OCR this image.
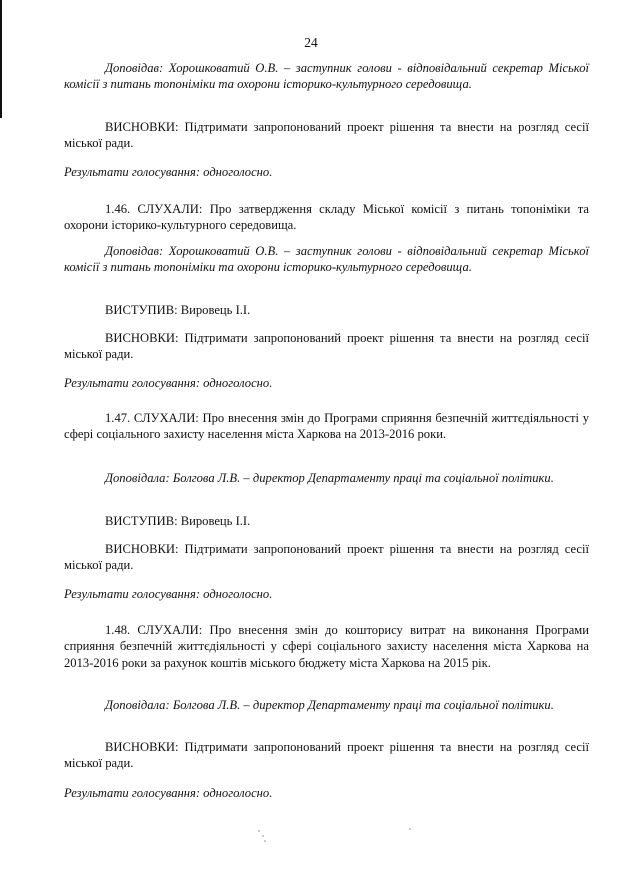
24

Доповідав: Хорошковатий О.В. – заступник голови - відповідальний секретар Міської комісії з питань топоніміки та охорони історико-культурного середовища.

ВИСНОВКИ: Підтримати запропонований проект рішення та внести на розгляд сесії міської ради.

Результати голосування: одноголосно.

1.46. СЛУХАЛИ: Про затвердження складу Міської комісії з питань топоніміки та охорони історико-культурного середовища.

Доповідав: Хорошковатий О.В. – заступник голови - відповідальний секретар Міської комісії з питань топоніміки та охорони історико-культурного середовища.

ВИСТУПИВ: Вировець І.І.

ВИСНОВКИ: Підтримати запропонований проект рішення та внести на розгляд сесії міської ради.

Результати голосування: одноголосно.

1.47. СЛУХАЛИ: Про внесення змін до Програми сприяння безпечній життєдіяльності у сфері соціального захисту населення міста Харкова на 2013-2016 роки.

Доповідала: Болгова Л.В. – директор Департаменту праці та соціальної політики.

ВИСТУПИВ: Вировець І.І.

ВИСНОВКИ: Підтримати запропонований проект рішення та внести на розгляд сесії міської ради.

Результати голосування: одноголосно.

1.48. СЛУХАЛИ: Про внесення змін до кошторису витрат на виконання Програми сприяння безпечній життєдіяльності у сфері соціального захисту населення міста Харкова на 2013-2016 роки за рахунок коштів міського бюджету міста Харкова на 2015 рік.

Доповідала: Болгова Л.В. – директор Департаменту праці та соціальної політики.

ВИСНОВКИ: Підтримати запропонований проект рішення та внести на розгляд сесії міської ради.

Результати голосування: одноголосно.
